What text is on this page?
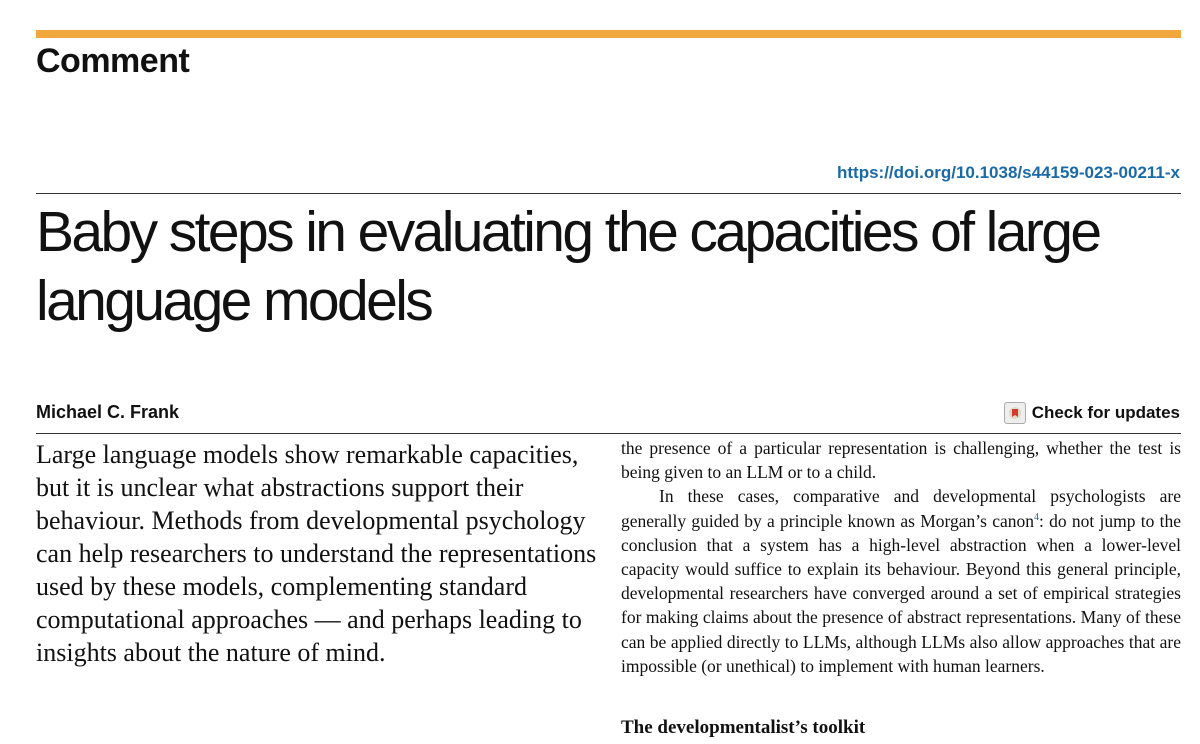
Comment
https://doi.org/10.1038/s44159-023-00211-x
Baby steps in evaluating the capacities of large language models
Michael C. Frank	Check for updates

Large language models show remarkable capacities, but it is unclear what abstractions support their behaviour. Methods from developmental psychology can help researchers to understand the representations used by these models, complementing standard computational approaches — and perhaps leading to insights about the nature of mind.

the presence of a particular representation is challenging, whether the test is being given to an LLM or to a child.

In these cases, comparative and developmental psychologists are generally guided by a principle known as Morgan’s canon$^4$: do not jump to the conclusion that a system has a high-level abstraction when a lower-level capacity would suffice to explain its behaviour. Beyond this general principle, developmental researchers have converged around a set of empirical strategies for making claims about the presence of abstract representations. Many of these can be applied directly to LLMs, although LLMs also allow approaches that are impossible (or unethical) to implement with human learners.

The developmentalist’s toolkit
